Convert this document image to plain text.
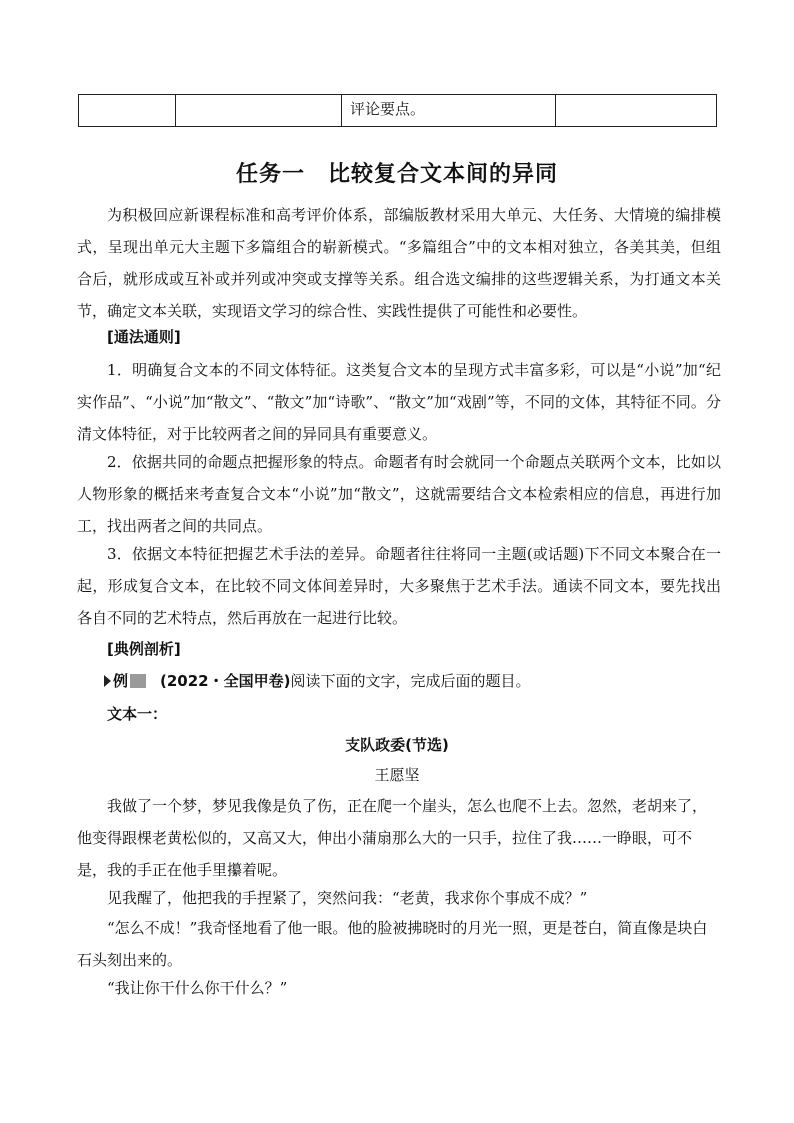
		评论要点。	
任务一　比较复合文本间的异同
为积极回应新课程标准和高考评价体系，部编版教材采用大单元、大任务、大情境的编排模式，呈现出单元大主题下多篇组合的崭新模式。“多篇组合”中的文本相对独立，各美其美，但组合后，就形成或互补或并列或冲突或支撑等关系。组合选文编排的这些逻辑关系，为打通文本关节，确定文本关联，实现语文学习的综合性、实践性提供了可能性和必要性。
[通法通则]
1．明确复合文本的不同文体特征。这类复合文本的呈现方式丰富多彩，可以是“小说”加“纪实作品”、“小说”加“散文”、“散文”加“诗歌”、“散文”加“戏剧”等，不同的文体，其特征不同。分清文体特征，对于比较两者之间的异同具有重要意义。
2．依据共同的命题点把握形象的特点。命题者有时会就同一个命题点关联两个文本，比如以人物形象的概括来考查复合文本“小说”加“散文”，这就需要结合文本检索相应的信息，再进行加工，找出两者之间的共同点。
3．依据文本特征把握艺术手法的差异。命题者往往将同一主题(或话题)下不同文本聚合在一起，形成复合文本，在比较不同文体间差异时，大多聚焦于艺术手法。通读不同文本，要先找出各自不同的艺术特点，然后再放在一起进行比较。
[典例剖析]
例 (2022・全国甲卷) 阅读下面的文字，完成后面的题目。
文本一：
支队政委(节选)
王愿坚
我做了一个梦，梦见我像是负了伤，正在爬一个崖头，怎么也爬不上去。忽然，老胡来了，他变得跟棵老黄松似的，又高又大，伸出小蒲扇那么大的一只手，拉住了我……一睁眼，可不是，我的手正在他手里攥着呢。
见我醒了，他把我的手捏紧了，突然问我：“老黄，我求你个事成不成？”
“怎么不成！”我奇怪地看了他一眼。他的脸被拂晓时的月光一照，更是苍白，简直像是块白石头刻出来的。
“我让你干什么你干什么？”
